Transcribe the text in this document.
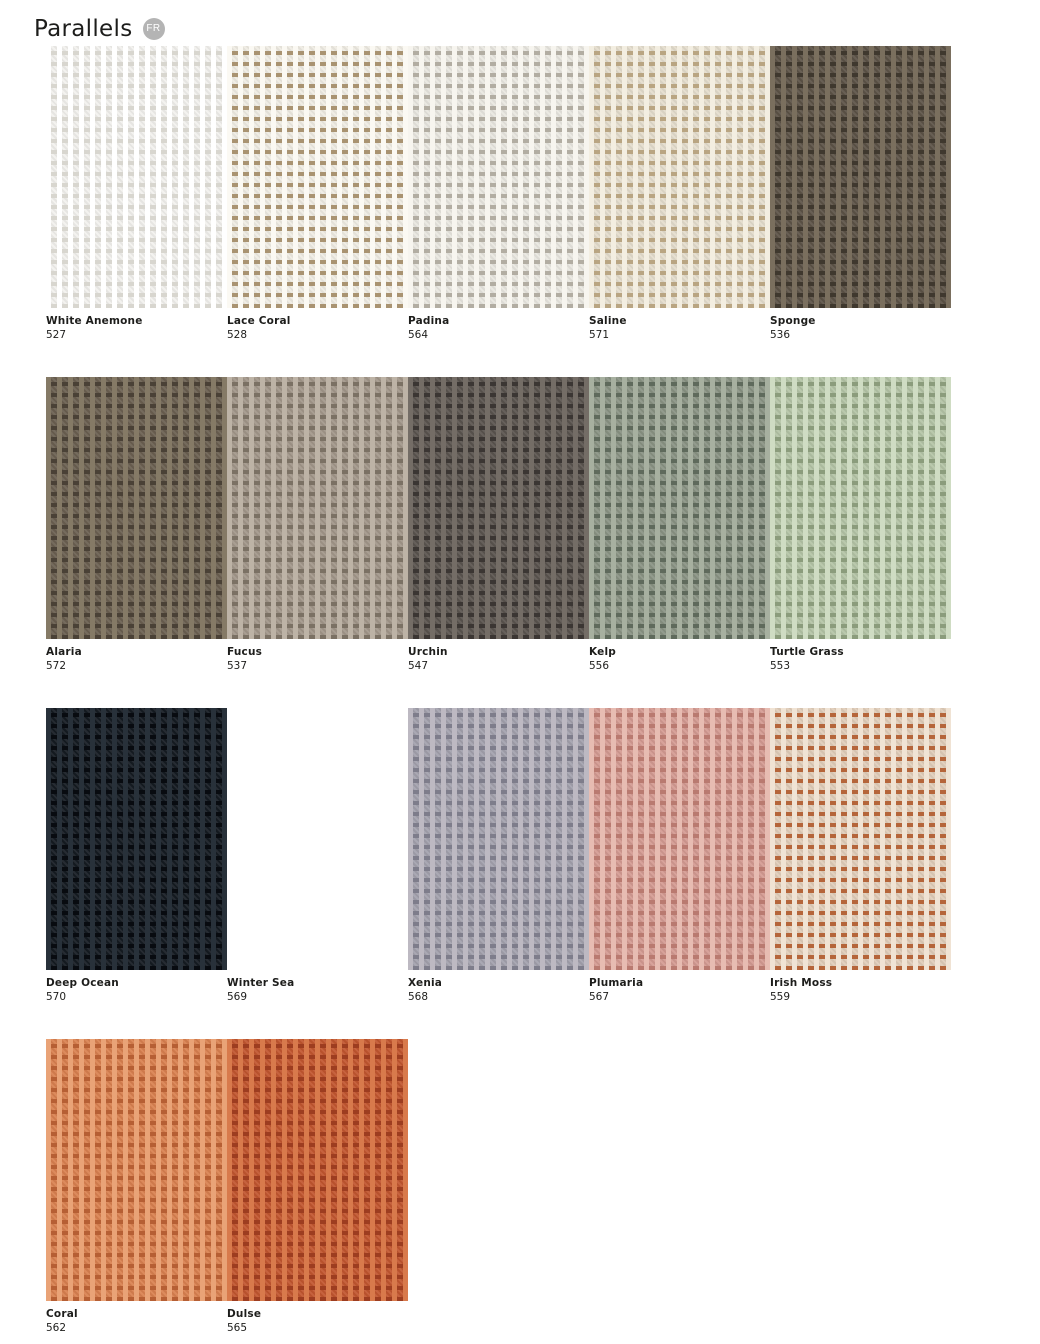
Parallels	FR
White Anemone
527
Lace Coral
528
Padina
564
Saline
571
Sponge
536
Alaria
572
Fucus
537
Urchin
547
Kelp
556
Turtle Grass
553
Deep Ocean
570
Winter Sea
569
Xenia
568
Plumaria
567
Irish Moss
559
Coral
562
Dulse
565
